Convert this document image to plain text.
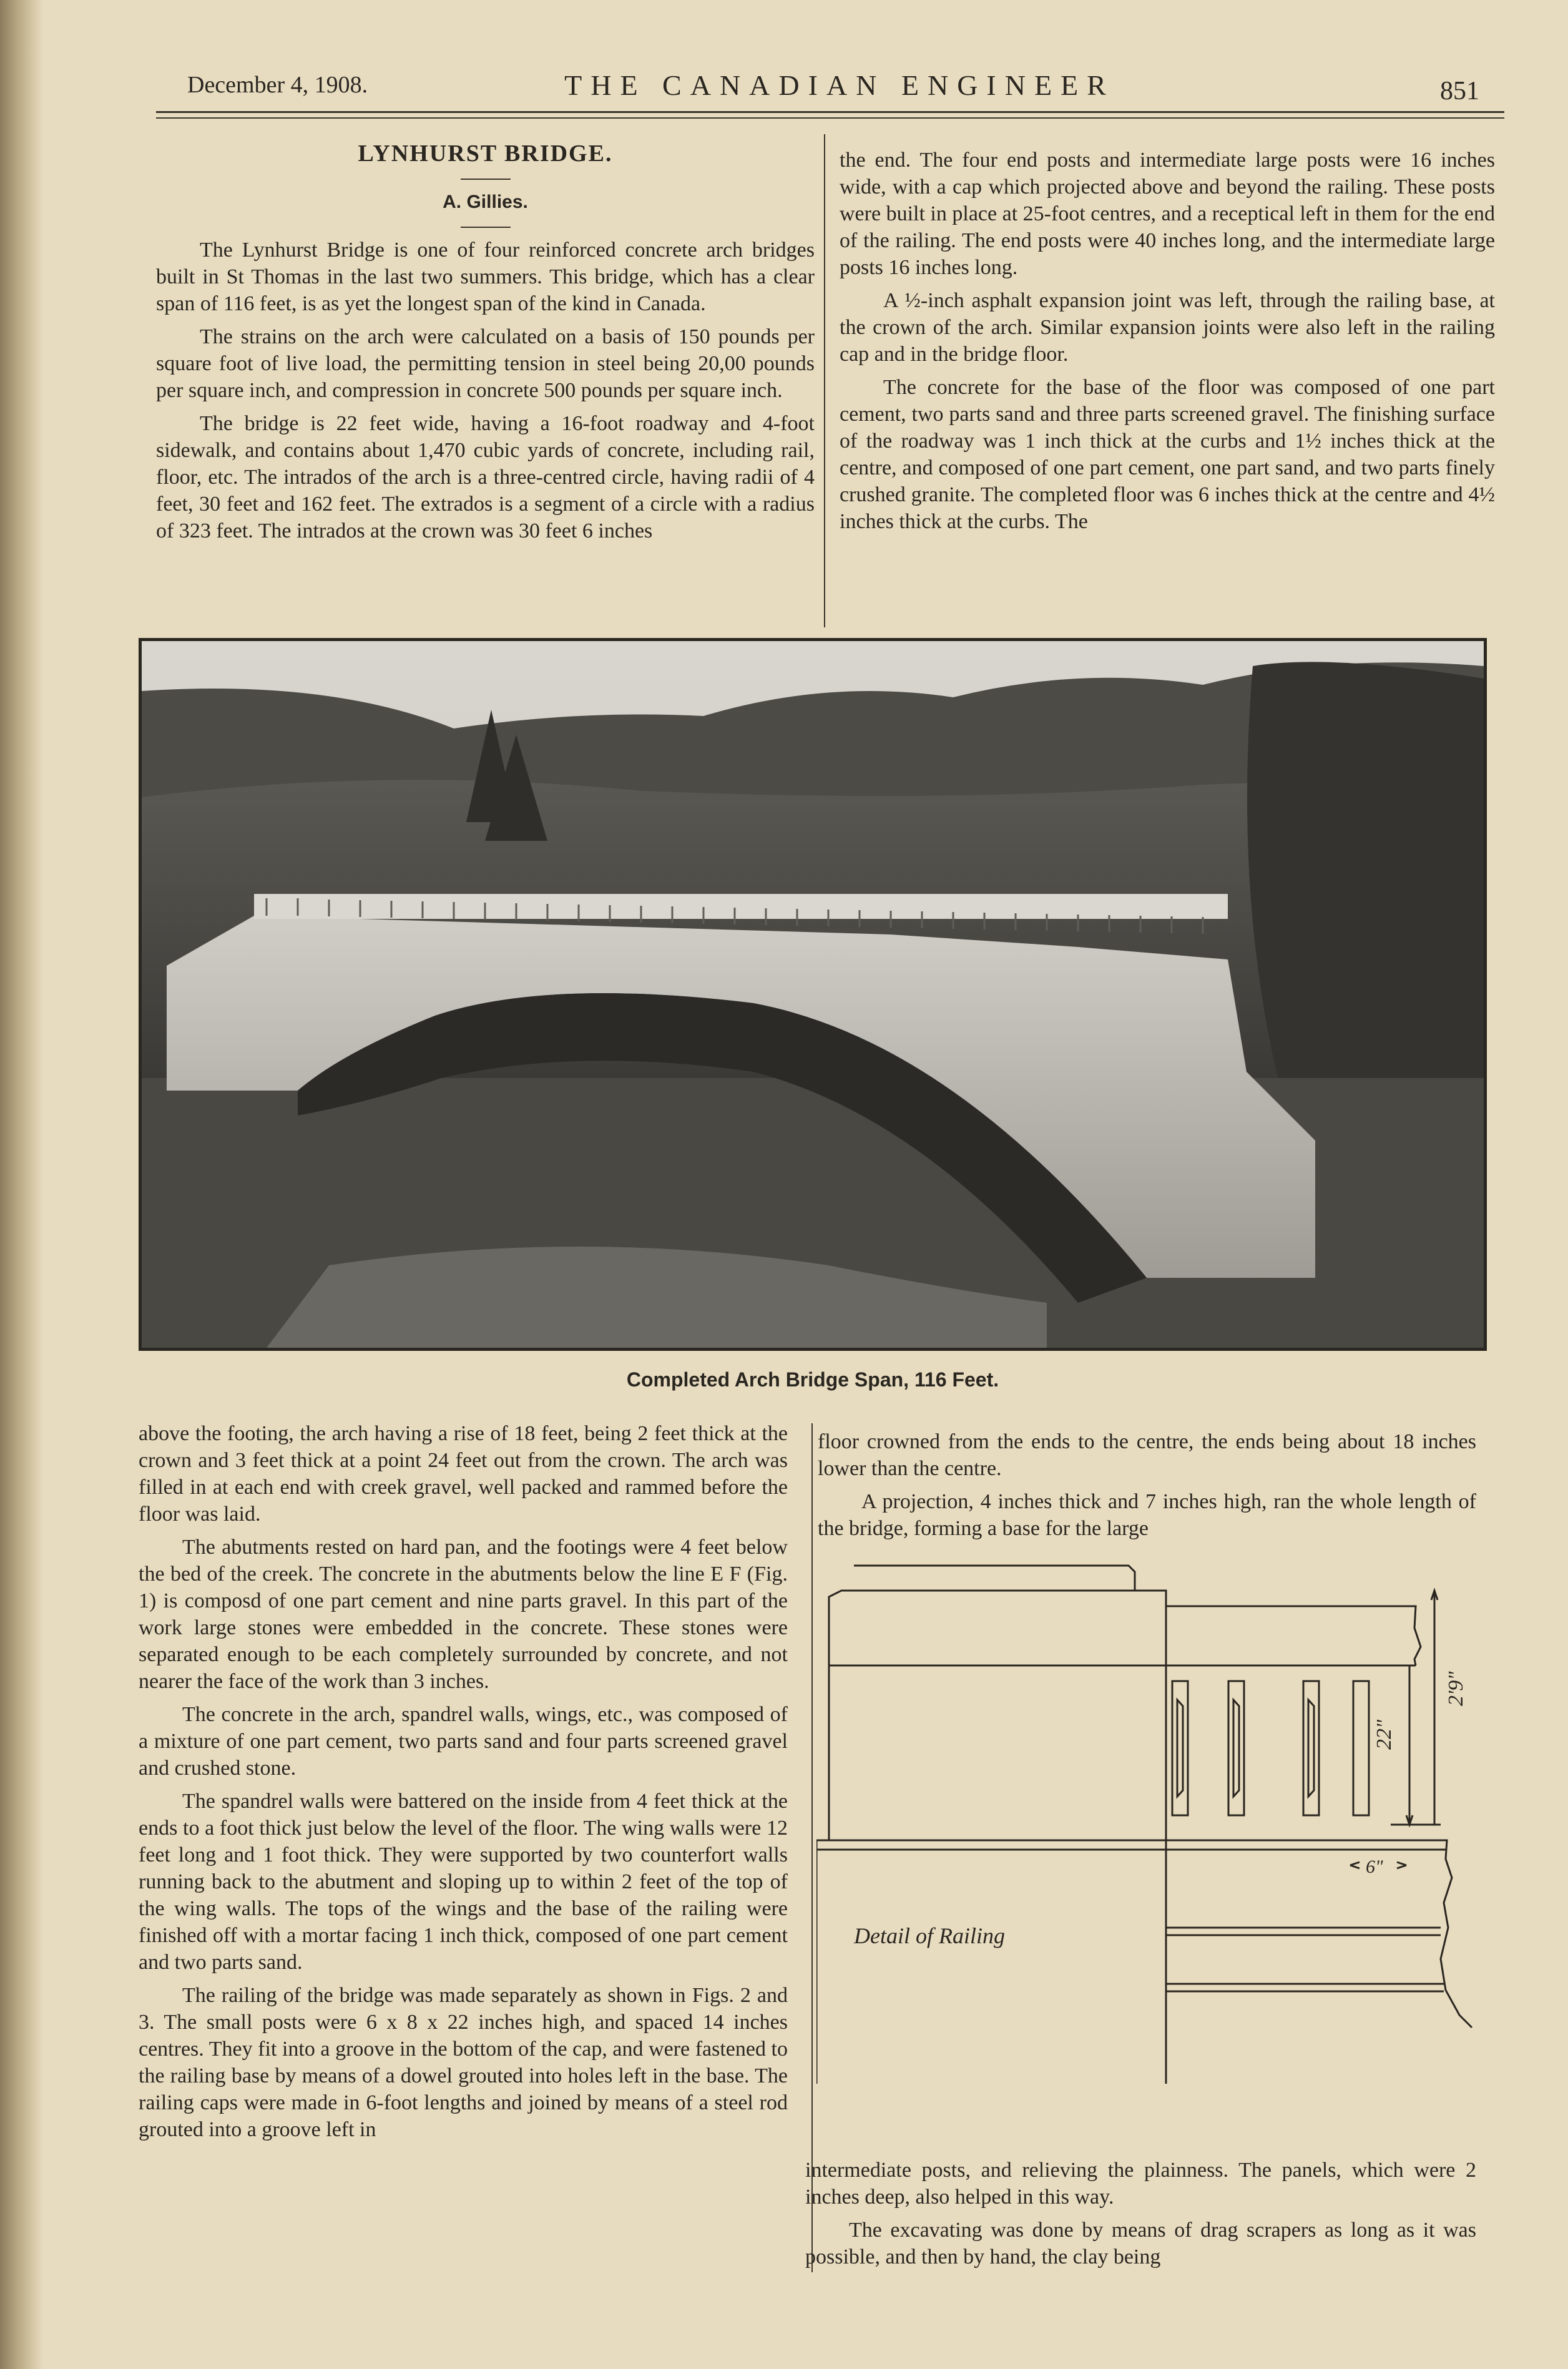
December 4, 1908.	THE CANADIAN ENGINEER	851
LYNHURST BRIDGE.
A. Gillies.

The Lynhurst Bridge is one of four reinforced concrete arch bridges built in St Thomas in the last two summers. This bridge, which has a clear span of 116 feet, is as yet the longest span of the kind in Canada.

The strains on the arch were calculated on a basis of 150 pounds per square foot of live load, the permitting tension in steel being 20,00 pounds per square inch, and compression in concrete 500 pounds per square inch.

The bridge is 22 feet wide, having a 16-foot roadway and 4-foot sidewalk, and contains about 1,470 cubic yards of concrete, including rail, floor, etc. The intrados of the arch is a three-centred circle, having radii of 4 feet, 30 feet and 162 feet. The extrados is a segment of a circle with a radius of 323 feet. The intrados at the crown was 30 feet 6 inches

the end. The four end posts and intermediate large posts were 16 inches wide, with a cap which projected above and beyond the railing. These posts were built in place at 25-foot centres, and a receptical left in them for the end of the railing. The end posts were 40 inches long, and the intermediate large posts 16 inches long.

A ½-inch asphalt expansion joint was left, through the railing base, at the crown of the arch. Similar expansion joints were also left in the railing cap and in the bridge floor.

The concrete for the base of the floor was composed of one part cement, two parts sand and three parts screened gravel. The finishing surface of the roadway was 1 inch thick at the curbs and 1½ inches thick at the centre, and composed of one part cement, one part sand, and two parts finely crushed granite. The completed floor was 6 inches thick at the centre and 4½ inches thick at the curbs. The

Completed Arch Bridge Span, 116 Feet.

above the footing, the arch having a rise of 18 feet, being 2 feet thick at the crown and 3 feet thick at a point 24 feet out from the crown. The arch was filled in at each end with creek gravel, well packed and rammed before the floor was laid.

The abutments rested on hard pan, and the footings were 4 feet below the bed of the creek. The concrete in the abutments below the line E F (Fig. 1) is composd of one part cement and nine parts gravel. In this part of the work large stones were embedded in the concrete. These stones were separated enough to be each completely surrounded by concrete, and not nearer the face of the work than 3 inches.

The concrete in the arch, spandrel walls, wings, etc., was composed of a mixture of one part cement, two parts sand and four parts screened gravel and crushed stone.

The spandrel walls were battered on the inside from 4 feet thick at the ends to a foot thick just below the level of the floor. The wing walls were 12 feet long and 1 foot thick. They were supported by two counterfort walls running back to the abutment and sloping up to within 2 feet of the top of the wing walls. The tops of the wings and the base of the railing were finished off with a mortar facing 1 inch thick, composed of one part cement and two parts sand.

The railing of the bridge was made separately as shown in Figs. 2 and 3. The small posts were 6 x 8 x 22 inches high, and spaced 14 inches centres. They fit into a groove in the bottom of the cap, and were fastened to the railing base by means of a dowel grouted into holes left in the base. The railing caps were made in 6-foot lengths and joined by means of a steel rod grouted into a groove left in

floor crowned from the ends to the centre, the ends being about 18 inches lower than the centre.

A projection, 4 inches thick and 7 inches high, ran the whole length of the bridge, forming a base for the large

22"
2'9"
6"
Detail of Railing

intermediate posts, and relieving the plainness. The panels, which were 2 inches deep, also helped in this way.

The excavating was done by means of drag scrapers as long as it was possible, and then by hand, the clay being
